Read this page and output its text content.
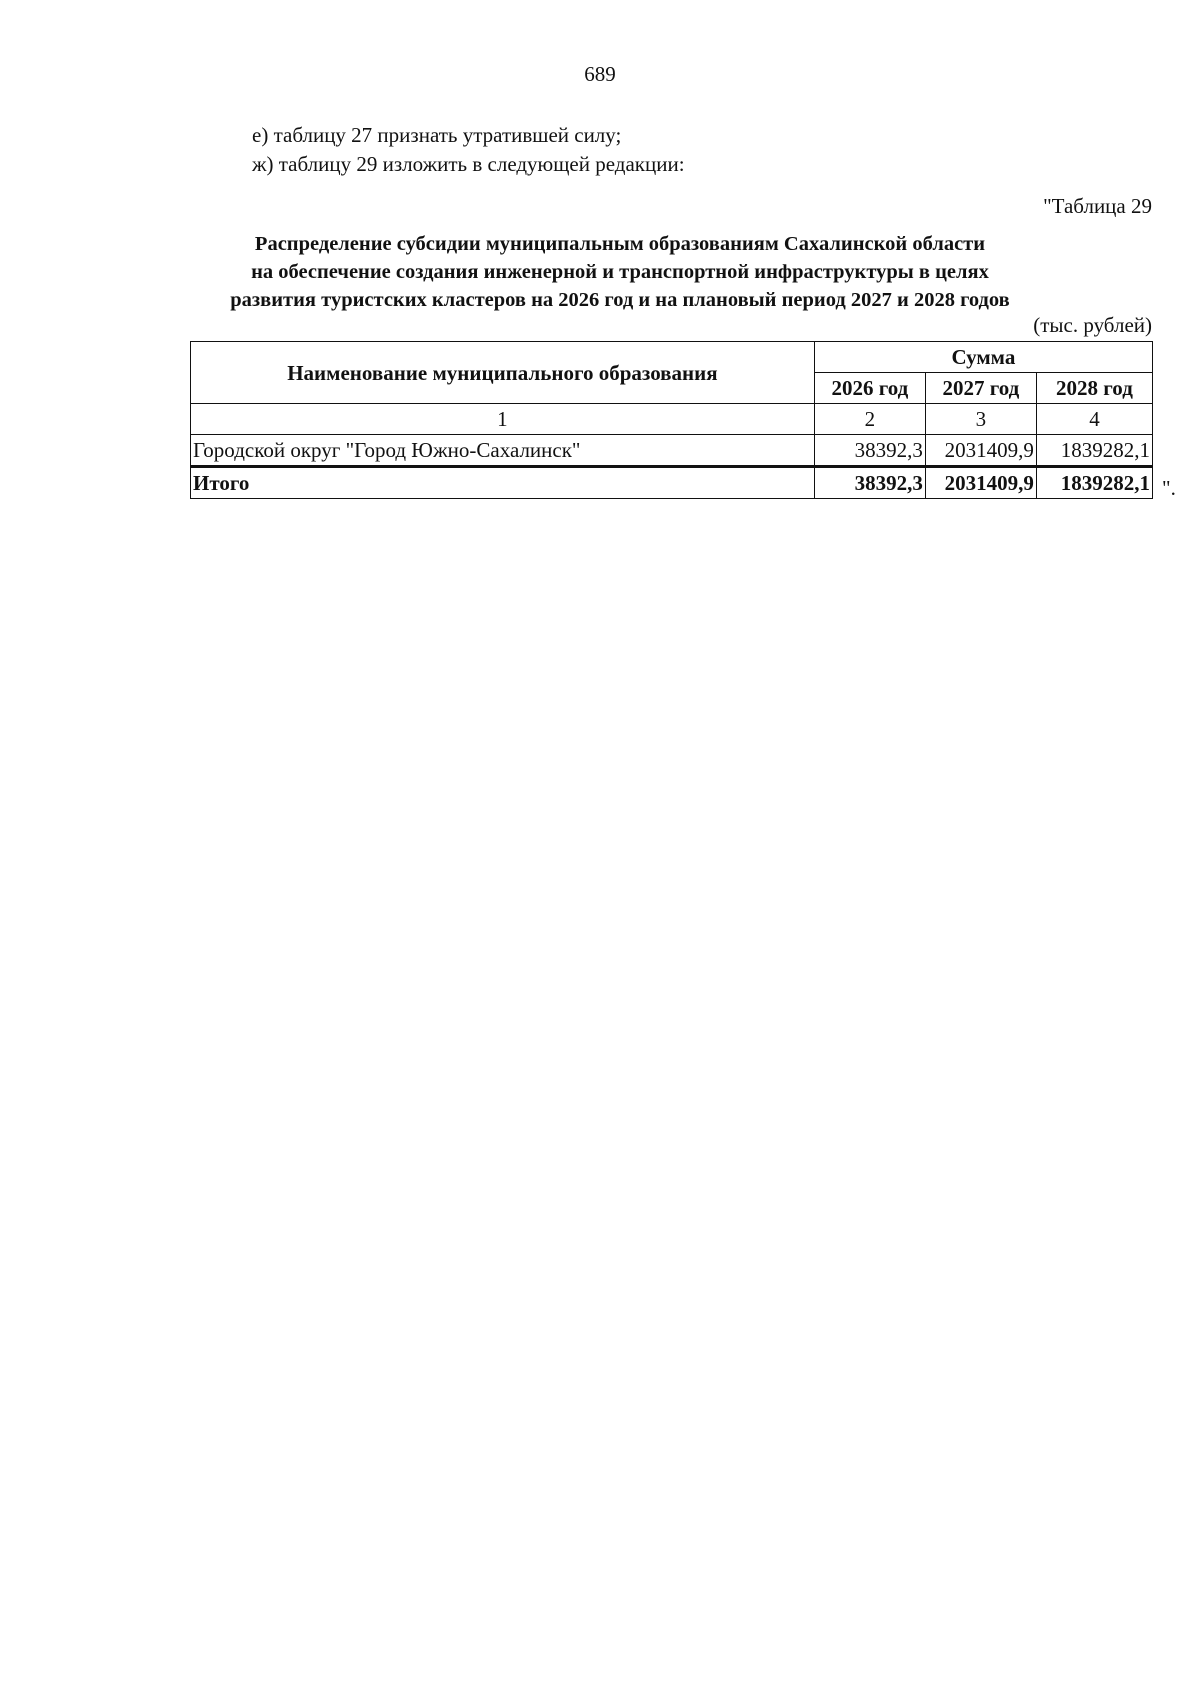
689
е) таблицу 27 признать утратившей силу;
ж) таблицу 29 изложить в следующей редакции:
"Таблица 29
Распределение субсидии муниципальным образованиям Сахалинской области
на обеспечение создания инженерной и транспортной инфраструктуры в целях
развития туристских кластеров на 2026 год и на плановый период 2027 и 2028 годов
(тыс. рублей)
Наименование муниципального образования	Сумма		
	2026 год	2027 год	2028 год
1	2	3	4
Городской округ "Город Южно-Сахалинск"	38392,3	2031409,9	1839282,1
Итого	38392,3	2031409,9	1839282,1 ".
